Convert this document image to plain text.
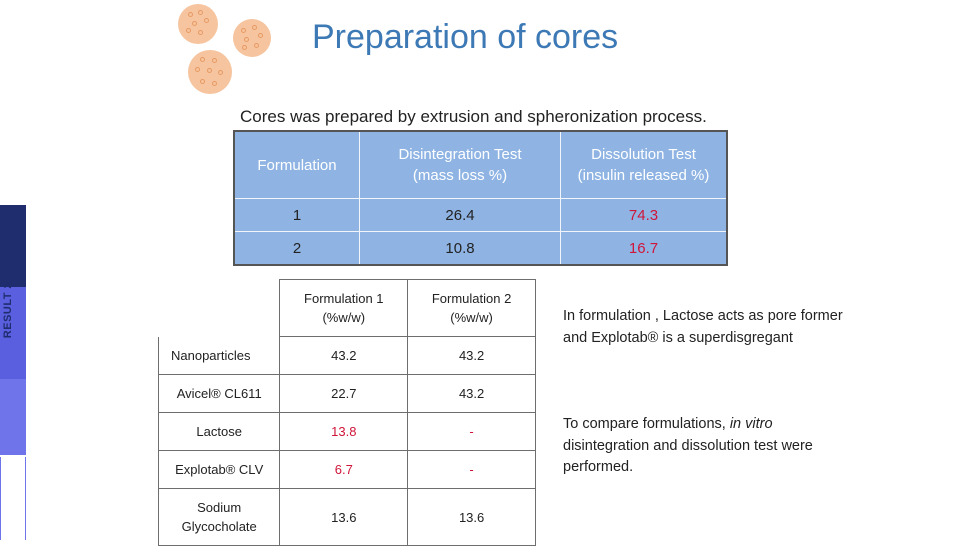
Preparation of cores
Cores was prepared by extrusion and spheronization process.
RESULT 2
Formulation	Disintegration Test (mass loss %)	Dissolution Test (insulin released %)
1	26.4	74.3
2	10.8	16.7
	Formulation 1 (%w/w)	Formulation 2 (%w/w)
Nanoparticles	43.2	43.2
Avicel® CL611	22.7	43.2
Lactose	13.8	-
Explotab® CLV	6.7	-
Sodium Glycocholate	13.6	13.6
In formulation , Lactose acts as pore former and Explotab® is a superdisgregant
To compare formulations, in vitro disintegration and dissolution test were performed.
